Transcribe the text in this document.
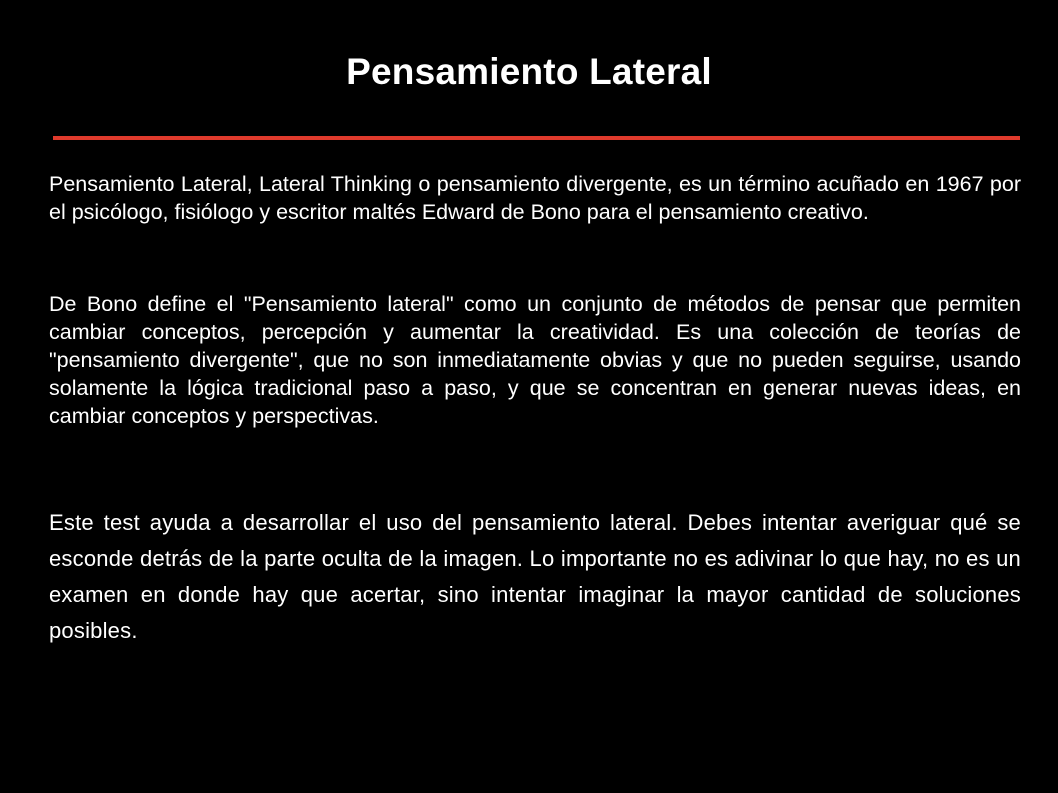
Pensamiento Lateral
Pensamiento Lateral, Lateral Thinking o pensamiento divergente, es un término acuñado en 1967 por el psicólogo, fisiólogo y escritor maltés Edward de Bono para el pensamiento creativo.
De Bono define el "Pensamiento lateral" como un conjunto de métodos de pensar que permiten cambiar conceptos, percepción y aumentar la creatividad. Es una colección de teorías de "pensamiento divergente", que no son inmediatamente obvias y que no pueden seguirse, usando solamente la lógica tradicional paso a paso, y que se concentran en generar nuevas ideas, en cambiar conceptos y perspectivas.
Este test ayuda a desarrollar el uso del pensamiento lateral. Debes intentar averiguar qué se esconde detrás de la parte oculta de la imagen. Lo importante no es adivinar lo que hay, no es un examen en donde hay que acertar, sino intentar imaginar la mayor cantidad de soluciones posibles.
